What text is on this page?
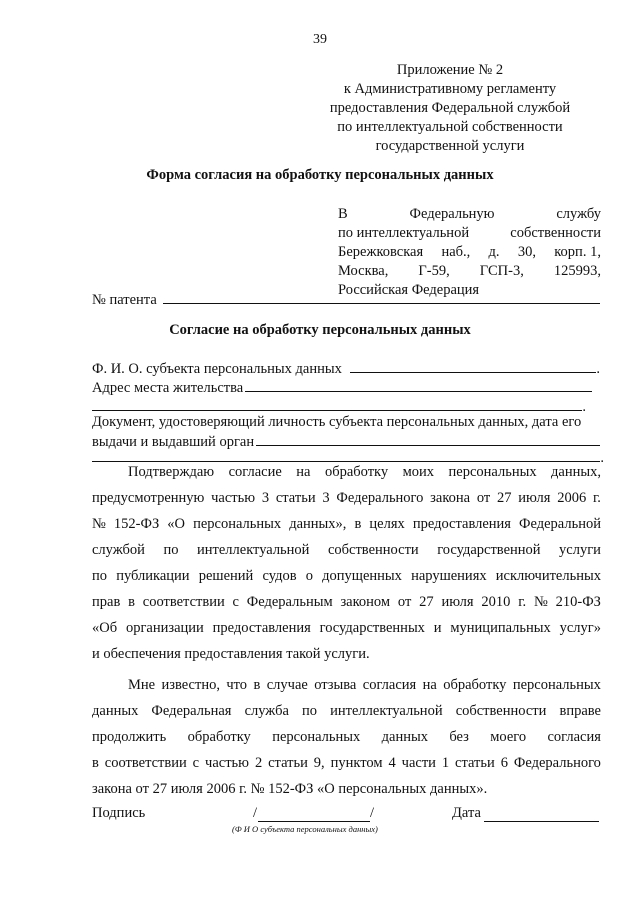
39
Приложение № 2
к Административному регламенту
предоставления Федеральной службой
по интеллектуальной собственности
государственной услуги
Форма согласия на обработку персональных данных
В	Федеральную	службу
по интеллектуальной	собственности
Бережковская наб., д. 30, корп. 1,
Москва, Г-59, ГСП-3, 125993,
Российская Федерация
№ патента
Согласие на обработку персональных данных
Ф. И. О. субъекта персональных данных	.
Адрес места жительства
.
Документ, удостоверяющий личность субъекта персональных данных, дата его
выдачи и выдавший орган
.
Подтверждаю согласие на обработку моих персональных данных,
предусмотренную частью 3 статьи 3 Федерального закона от 27 июля 2006 г.
№ 152-ФЗ «О персональных данных», в целях предоставления Федеральной
службой по интеллектуальной собственности государственной услуги
по публикации решений судов о допущенных нарушениях исключительных
прав в соответствии с Федеральным законом от 27 июля 2010 г. № 210-ФЗ
«Об организации предоставления государственных и муниципальных услуг»
и обеспечения предоставления такой услуги.
Мне известно, что в случае отзыва согласия на обработку персональных
данных Федеральная служба по интеллектуальной собственности вправе
продолжить обработку персональных данных без моего согласия
в соответствии с частью 2 статьи 9, пунктом 4 части 1 статьи 6 Федерального
закона от 27 июля 2006 г. № 152-ФЗ «О персональных данных».
Подпись	/	/
(Ф И О субъекта персональных данных)
Дата
